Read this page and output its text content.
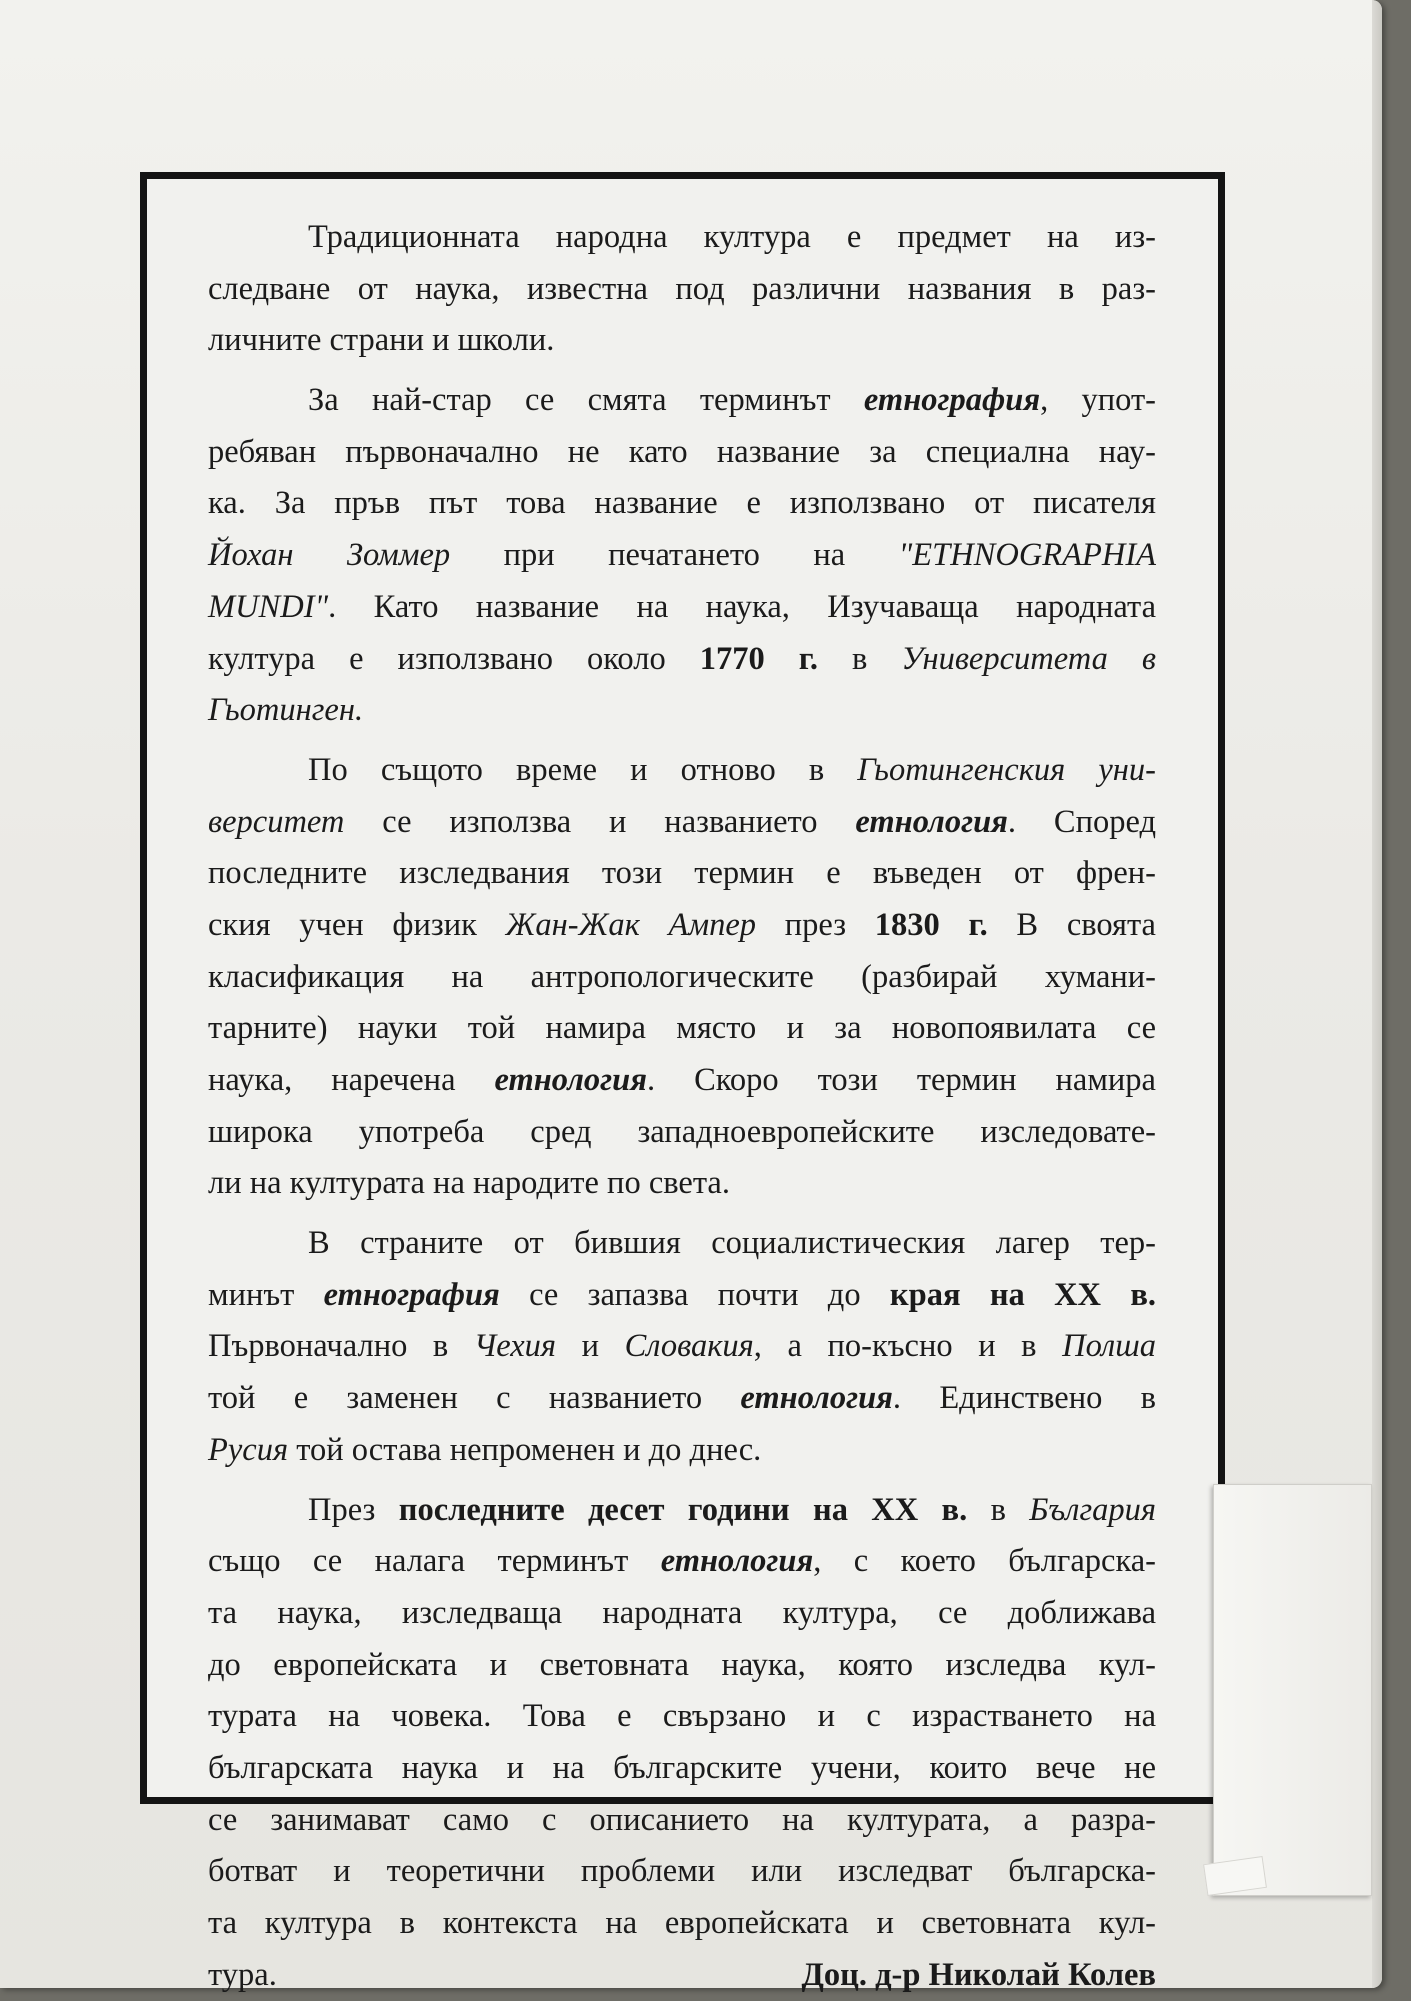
Традиционната народна култура е предмет на из-
следване от наука, известна под различни названия в раз-
личните страни и школи.
За най-стар се смята терминът етнография, упот-
ребяван първоначално не като название за специална нау-
ка. За пръв път това название е използвано от писателя
Йохан Зоммер при печатането на "ETHNOGRAPHIA
MUNDI". Като название на наука, Изучаваща народната
култура е използвано около 1770 г. в Университета в
Гьотинген.
По същото време и отново в Гьотингенския уни-
верситет се използва и названието етнология. Според
последните изследвания този термин е въведен от френ-
ския учен физик Жан-Жак Ампер през 1830 г. В своята
класификация на антропологическите (разбирай хумани-
тарните) науки той намира място и за новопоявилата се
наука, наречена етнология. Скоро този термин намира
широка употреба сред западноевропейските изследовате-
ли на културата на народите по света.
В страните от бившия социалистическия лагер тер-
минът етнография се запазва почти до края на XX в.
Първоначално в Чехия и Словакия, а по-късно и в Полша
той е заменен с названието етнология. Единствено в
Русия той остава непроменен и до днес.
През последните десет години на XX в. в България
също се налага терминът етнология, с което българска-
та наука, изследваща народната култура, се доближава
до европейската и световната наука, която изследва кул-
турата на човека. Това е свързано и с израстването на
българската наука и на българските учени, които вече не
се занимават само с описанието на културата, а разра-
ботват и теоретични проблеми или изследват българска-
та култура в контекста на европейската и световната кул-
тура.	Доц. д-р Николай Колев
